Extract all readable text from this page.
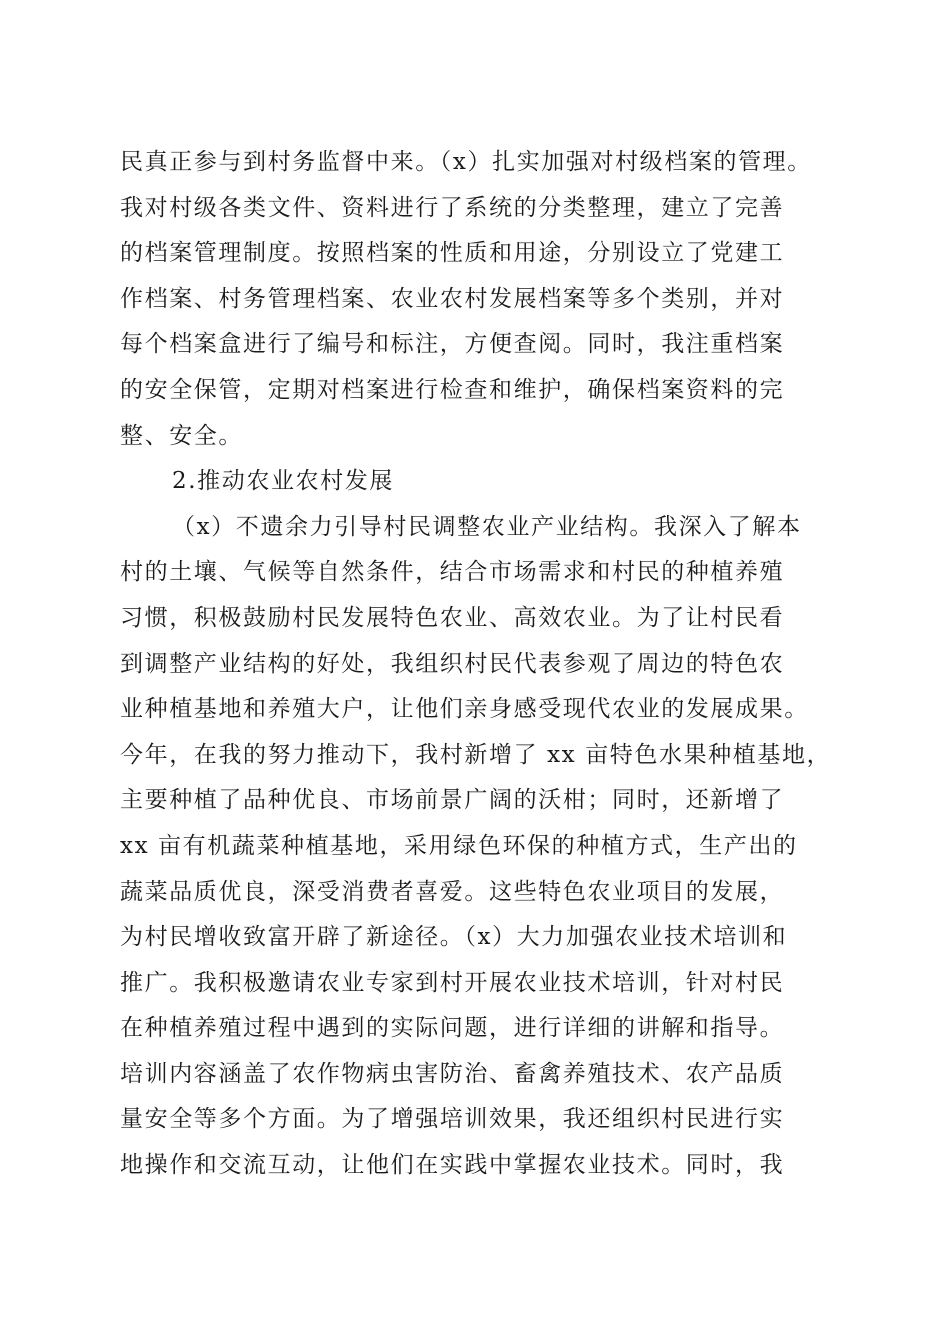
民真正参与到村务监督中来。（x）扎实加强对村级档案的管理。
我对村级各类文件、资料进行了系统的分类整理，建立了完善
的档案管理制度。按照档案的性质和用途，分别设立了党建工
作档案、村务管理档案、农业农村发展档案等多个类别，并对
每个档案盒进行了编号和标注，方便查阅。同时，我注重档案
的安全保管，定期对档案进行检查和维护，确保档案资料的完
整、安全。
2.推动农业农村发展
（x）不遗余力引导村民调整农业产业结构。我深入了解本
村的土壤、气候等自然条件，结合市场需求和村民的种植养殖
习惯，积极鼓励村民发展特色农业、高效农业。为了让村民看
到调整产业结构的好处，我组织村民代表参观了周边的特色农
业种植基地和养殖大户，让他们亲身感受现代农业的发展成果。
今年，在我的努力推动下，我村新增了 xx 亩特色水果种植基地，
主要种植了品种优良、市场前景广阔的沃柑；同时，还新增了
xx 亩有机蔬菜种植基地，采用绿色环保的种植方式，生产出的
蔬菜品质优良，深受消费者喜爱。这些特色农业项目的发展，
为村民增收致富开辟了新途径。（x）大力加强农业技术培训和
推广。我积极邀请农业专家到村开展农业技术培训，针对村民
在种植养殖过程中遇到的实际问题，进行详细的讲解和指导。
培训内容涵盖了农作物病虫害防治、畜禽养殖技术、农产品质
量安全等多个方面。为了增强培训效果，我还组织村民进行实
地操作和交流互动，让他们在实践中掌握农业技术。同时，我
